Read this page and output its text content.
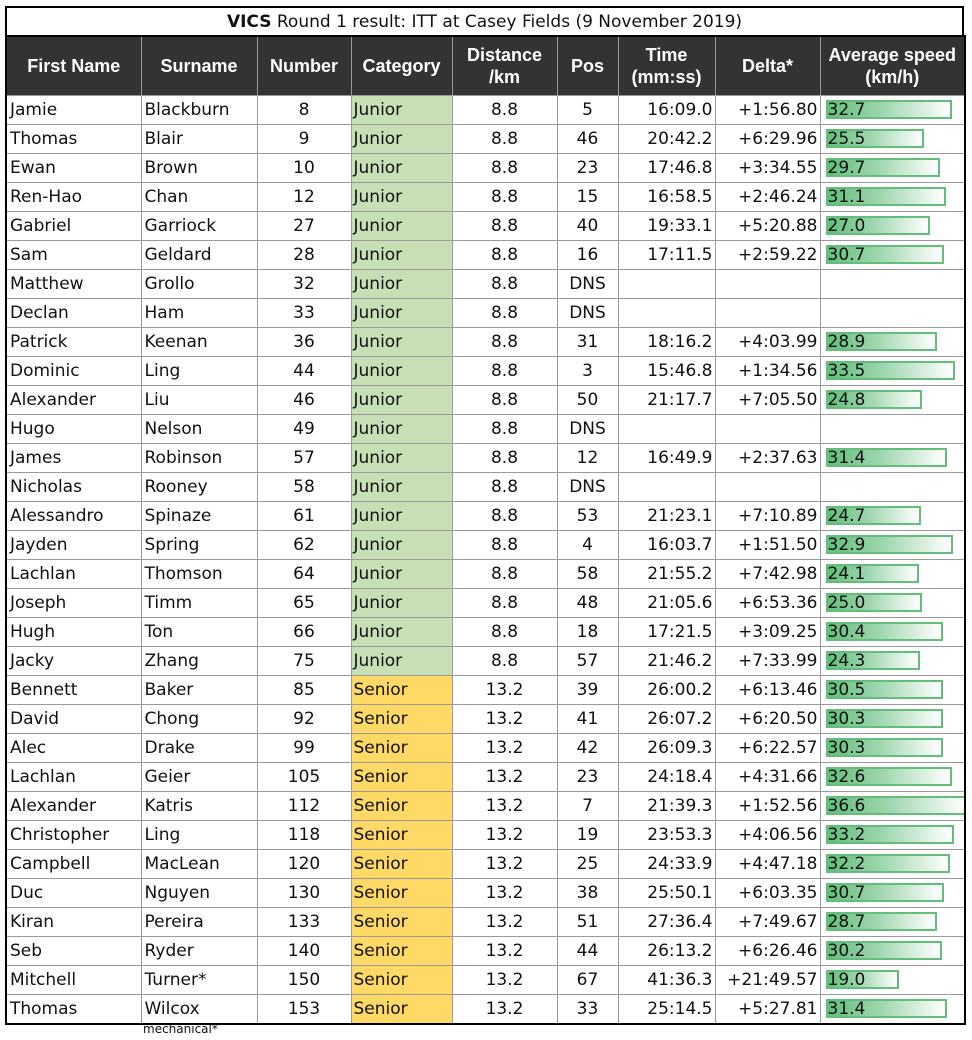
VICS Round 1 result: ITT at Casey Fields (9 November 2019)
First Name	Surname	Number	Category	Distance /km	Pos	Time (mm:ss)	Delta*	Average speed (km/h)
Jamie	Blackburn	8	Junior	8.8	5	16:09.0	+1:56.80	32.7

Thomas	Blair	9	Junior	8.8	46	20:42.2	+6:29.96	25.5

Ewan	Brown	10	Junior	8.8	23	17:46.8	+3:34.55	29.7

Ren-Hao	Chan	12	Junior	8.8	15	16:58.5	+2:46.24	31.1

Gabriel	Garriock	27	Junior	8.8	40	19:33.1	+5:20.88	27.0

Sam	Geldard	28	Junior	8.8	16	17:11.5	+2:59.22	30.7

Matthew	Grollo	32	Junior	8.8	DNS			
Declan	Ham	33	Junior	8.8	DNS			
Patrick	Keenan	36	Junior	8.8	31	18:16.2	+4:03.99	28.9

Dominic	Ling	44	Junior	8.8	3	15:46.8	+1:34.56	33.5

Alexander	Liu	46	Junior	8.8	50	21:17.7	+7:05.50	24.8

Hugo	Nelson	49	Junior	8.8	DNS			
James	Robinson	57	Junior	8.8	12	16:49.9	+2:37.63	31.4

Nicholas	Rooney	58	Junior	8.8	DNS			
Alessandro	Spinaze	61	Junior	8.8	53	21:23.1	+7:10.89	24.7

Jayden	Spring	62	Junior	8.8	4	16:03.7	+1:51.50	32.9

Lachlan	Thomson	64	Junior	8.8	58	21:55.2	+7:42.98	24.1

Joseph	Timm	65	Junior	8.8	48	21:05.6	+6:53.36	25.0

Hugh	Ton	66	Junior	8.8	18	17:21.5	+3:09.25	30.4

Jacky	Zhang	75	Junior	8.8	57	21:46.2	+7:33.99	24.3

Bennett	Baker	85	Senior	13.2	39	26:00.2	+6:13.46	30.5

David	Chong	92	Senior	13.2	41	26:07.2	+6:20.50	30.3

Alec	Drake	99	Senior	13.2	42	26:09.3	+6:22.57	30.3

Lachlan	Geier	105	Senior	13.2	23	24:18.4	+4:31.66	32.6

Alexander	Katris	112	Senior	13.2	7	21:39.3	+1:52.56	36.6

Christopher	Ling	118	Senior	13.2	19	23:53.3	+4:06.56	33.2

Campbell	MacLean	120	Senior	13.2	25	24:33.9	+4:47.18	32.2

Duc	Nguyen	130	Senior	13.2	38	25:50.1	+6:03.35	30.7

Kiran	Pereira	133	Senior	13.2	51	27:36.4	+7:49.67	28.7

Seb	Ryder	140	Senior	13.2	44	26:13.2	+6:26.46	30.2

Mitchell	Turner*	150	Senior	13.2	67	41:36.3	+21:49.57	19.0

Thomas	Wilcox	153	Senior	13.2	33	25:14.5	+5:27.81	31.4
mechanical*
